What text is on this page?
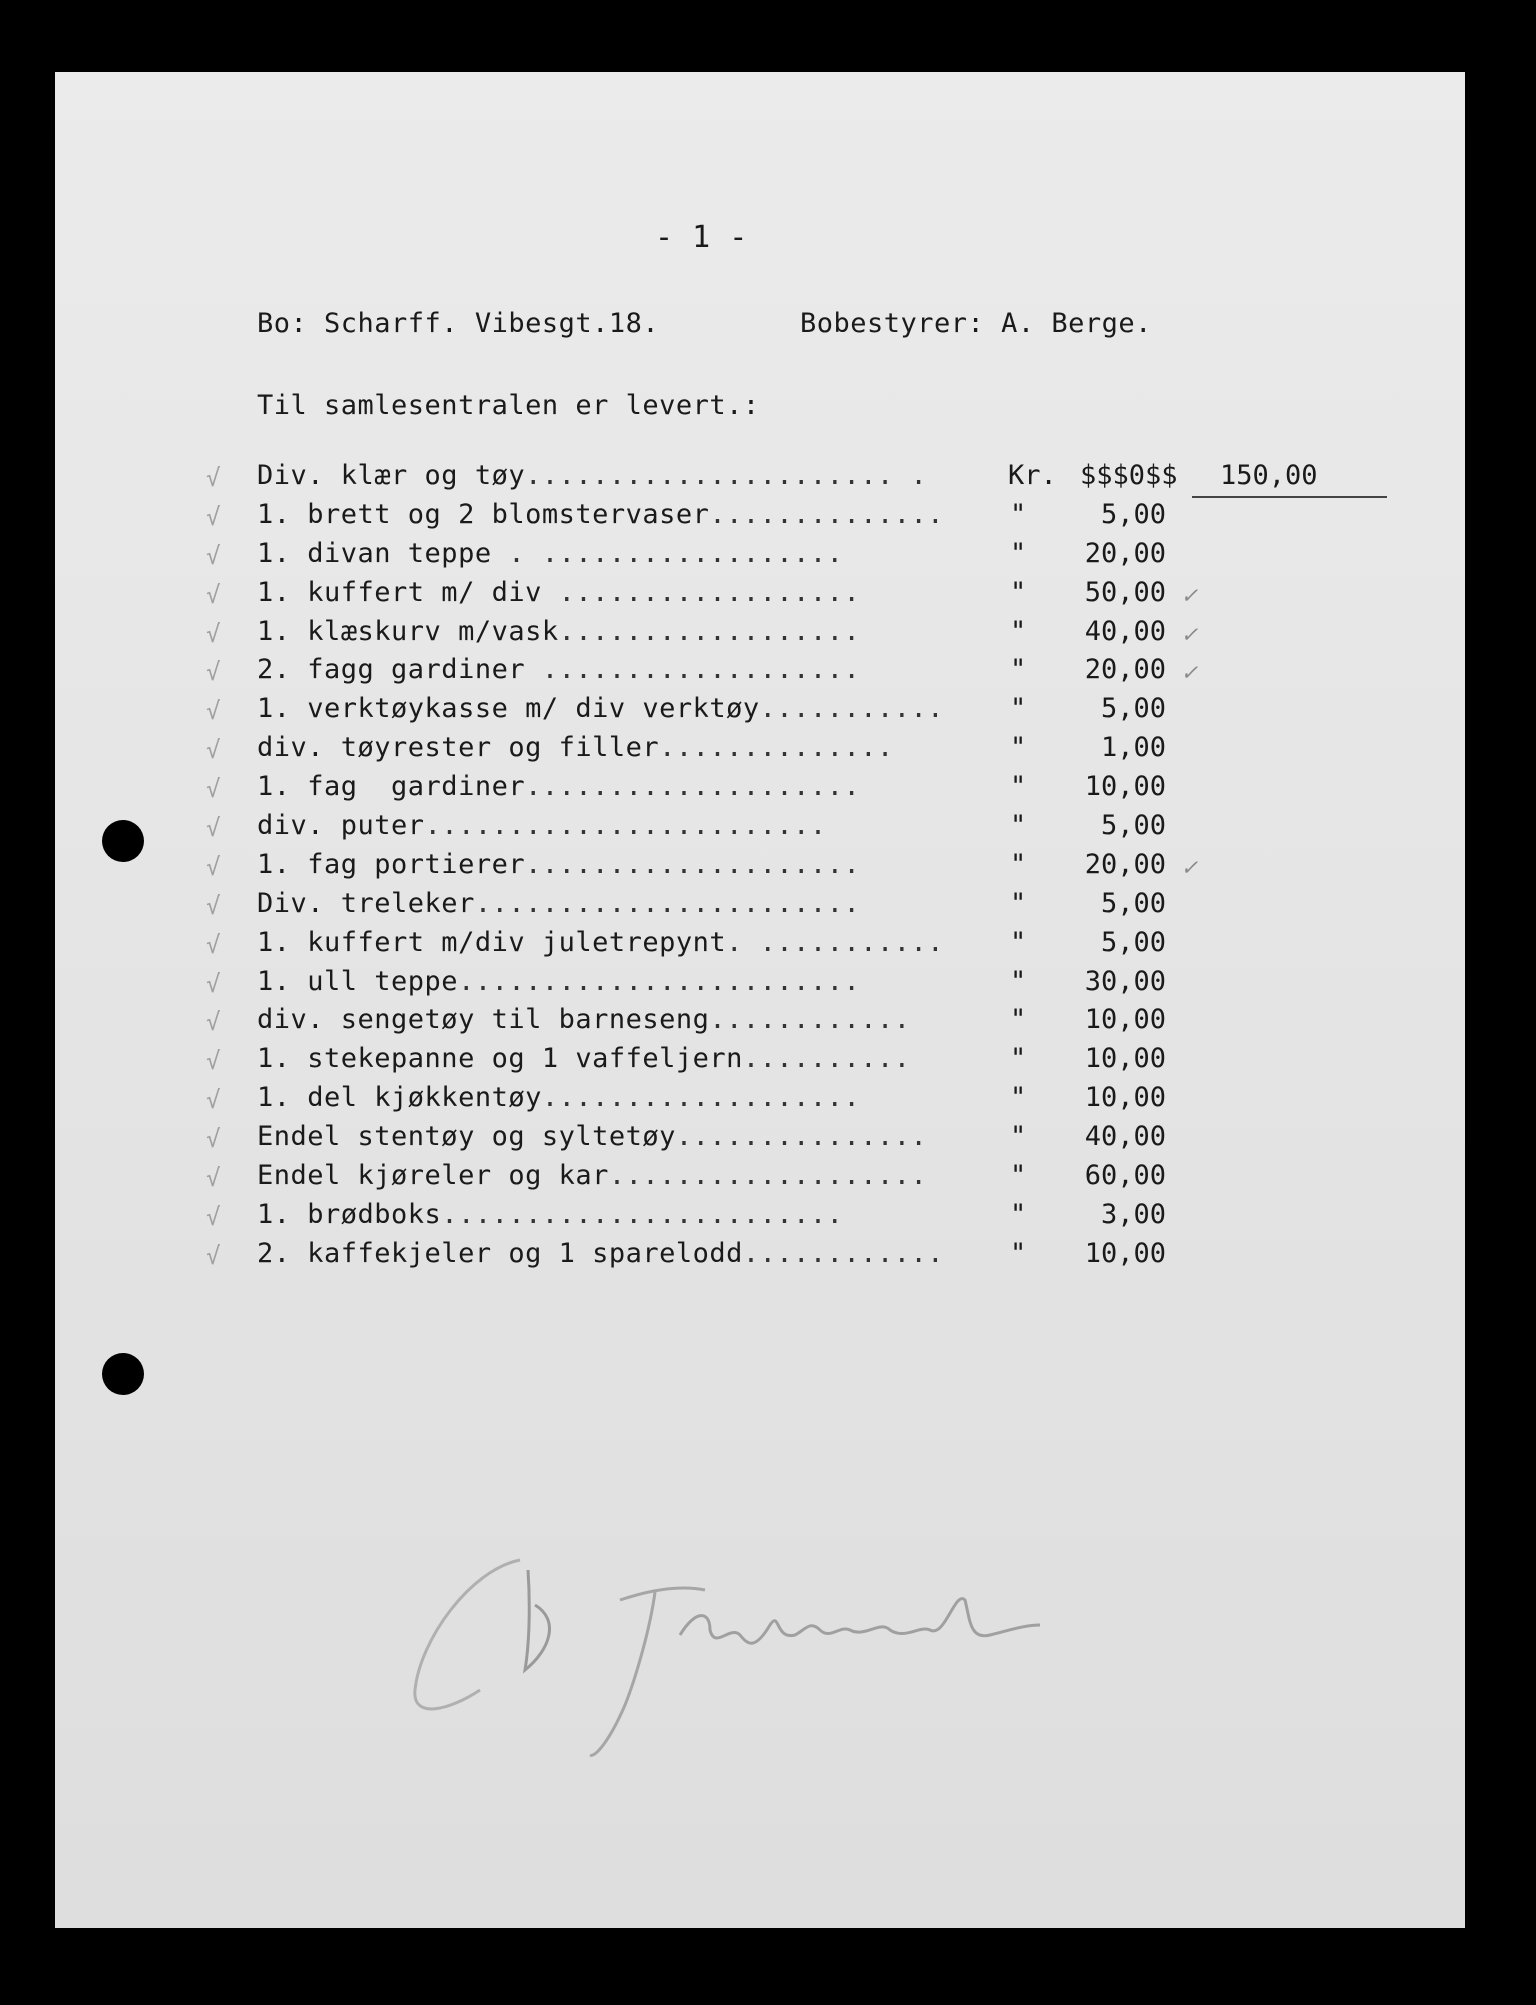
- 1 -
Bo: Scharff. Vibesgt.18.	Bobestyrer: A. Berge.
Til samlesentralen er levert.:
√ Div. klær og tøy...................... .	Kr. $$$0$$ 150,00
√ 1. brett og 2 blomstervaser.............. "	5,00
√ 1. divan teppe . ..................	" 20,00
√ 1. kuffert m/ div ..................	" 50,00 ✓
√ 1. klæskurv m/vask..................	" 40,00 ✓
√ 2. fagg gardiner ...................	" 20,00 ✓
√ 1. verktøykasse m/ div verktøy........... "	5,00
√ div. tøyrester og filler..............	"	1,00
√ 1. fag  gardiner....................	" 10,00
√ div. puter........................	"	5,00
√ 1. fag portierer....................	" 20,00 ✓
√ Div. treleker.......................	"	5,00
√ 1. kuffert m/div juletrepynt. ........... "	5,00
√ 1. ull teppe........................	" 30,00
√ div. sengetøy til barneseng............	" 10,00
√ 1. stekepanne og 1 vaffeljern..........	" 10,00
√ 1. del kjøkkentøy...................	" 10,00
√ Endel stentøy og syltetøy...............	" 40,00
√ Endel kjøreler og kar...................	" 60,00
√ 1. brødboks........................	"	3,00
√ 2. kaffekjeler og 1 sparelodd............ " 10,00
